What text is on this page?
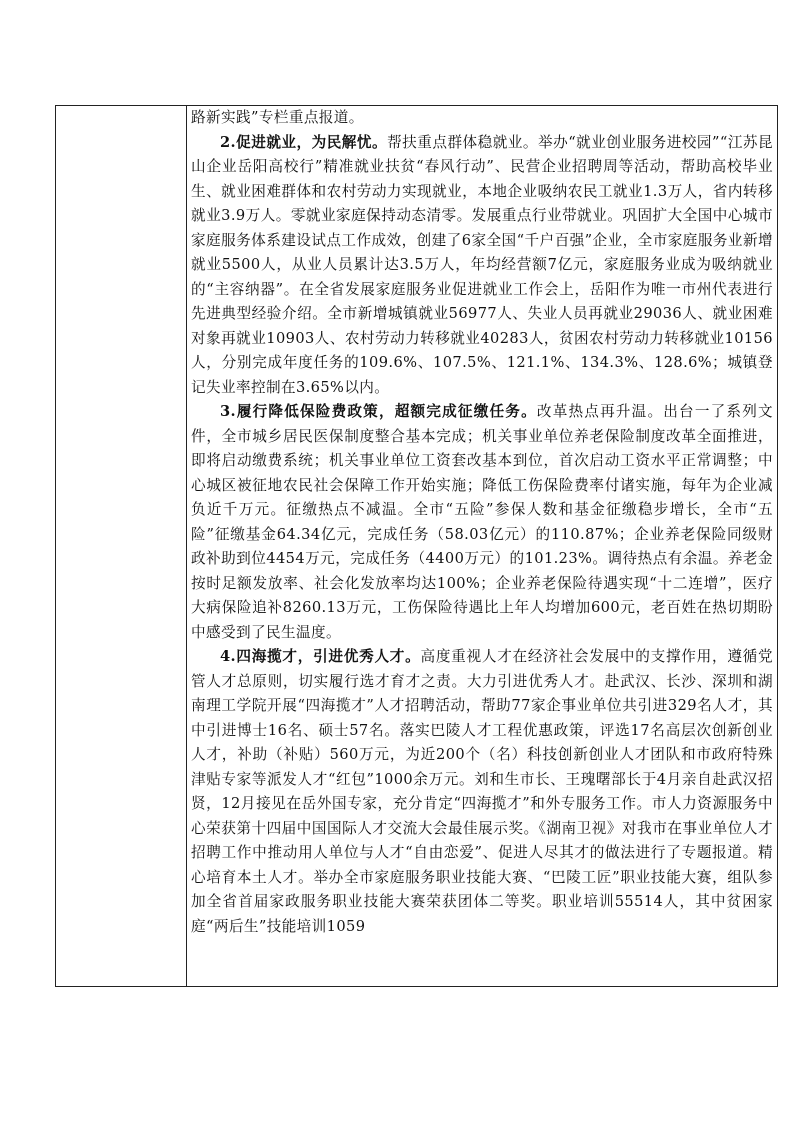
路新实践”专栏重点报道。

2.促进就业，为民解忧。帮扶重点群体稳就业。举办“就业创业服务进校园”“江苏昆山企业岳阳高校行”精准就业扶贫“春风行动”、民营企业招聘周等活动，帮助高校毕业生、就业困难群体和农村劳动力实现就业，本地企业吸纳农民工就业1.3万人，省内转移就业3.9万人。零就业家庭保持动态清零。发展重点行业带就业。巩固扩大全国中心城市家庭服务体系建设试点工作成效，创建了6家全国“千户百强”企业，全市家庭服务业新增就业5500人，从业人员累计达3.5万人，年均经营额7亿元，家庭服务业成为吸纳就业的“主容纳器”。在全省发展家庭服务业促进就业工作会上，岳阳作为唯一市州代表进行先进典型经验介绍。全市新增城镇就业56977人、失业人员再就业29036人、就业困难对象再就业10903人、农村劳动力转移就业40283人，贫困农村劳动力转移就业10156人，分别完成年度任务的109.6%、107.5%、121.1%、134.3%、128.6%；城镇登记失业率控制在3.65%以内。

3.履行降低保险费政策，超额完成征缴任务。改革热点再升温。出台一了系列文件，全市城乡居民医保制度整合基本完成；机关事业单位养老保险制度改革全面推进，即将启动缴费系统；机关事业单位工资套改基本到位，首次启动工资水平正常调整；中心城区被征地农民社会保障工作开始实施；降低工伤保险费率付诸实施，每年为企业减负近千万元。征缴热点不减温。全市“五险”参保人数和基金征缴稳步增长，全市“五险”征缴基金64.34亿元，完成任务（58.03亿元）的110.87%；企业养老保险同级财政补助到位4454万元，完成任务（4400万元）的101.23%。调待热点有余温。养老金按时足额发放率、社会化发放率均达100%；企业养老保险待遇实现“十二连增”，医疗大病保险追补8260.13万元，工伤保险待遇比上年人均增加600元，老百姓在热切期盼中感受到了民生温度。

4.四海揽才，引进优秀人才。高度重视人才在经济社会发展中的支撑作用，遵循党管人才总原则，切实履行选才育才之责。大力引进优秀人才。赴武汉、长沙、深圳和湖南理工学院开展“四海揽才”人才招聘活动，帮助77家企事业单位共引进329名人才，其中引进博士16名、硕士57名。落实巴陵人才工程优惠政策，评选17名高层次创新创业人才，补助（补贴）560万元，为近200个（名）科技创新创业人才团队和市政府特殊津贴专家等派发人才“红包”1000余万元。刘和生市长、王瑰曙部长于4月亲自赴武汉招贤，12月接见在岳外国专家，充分肯定“四海揽才”和外专服务工作。市人力资源服务中心荣获第十四届中国国际人才交流大会最佳展示奖。《湖南卫视》对我市在事业单位人才招聘工作中推动用人单位与人才“自由恋爱”、促进人尽其才的做法进行了专题报道。精心培育本土人才。举办全市家庭服务职业技能大赛、“巴陵工匠”职业技能大赛，组队参加全省首届家政服务职业技能大赛荣获团体二等奖。职业培训55514人，其中贫困家庭“两后生”技能培训1059
